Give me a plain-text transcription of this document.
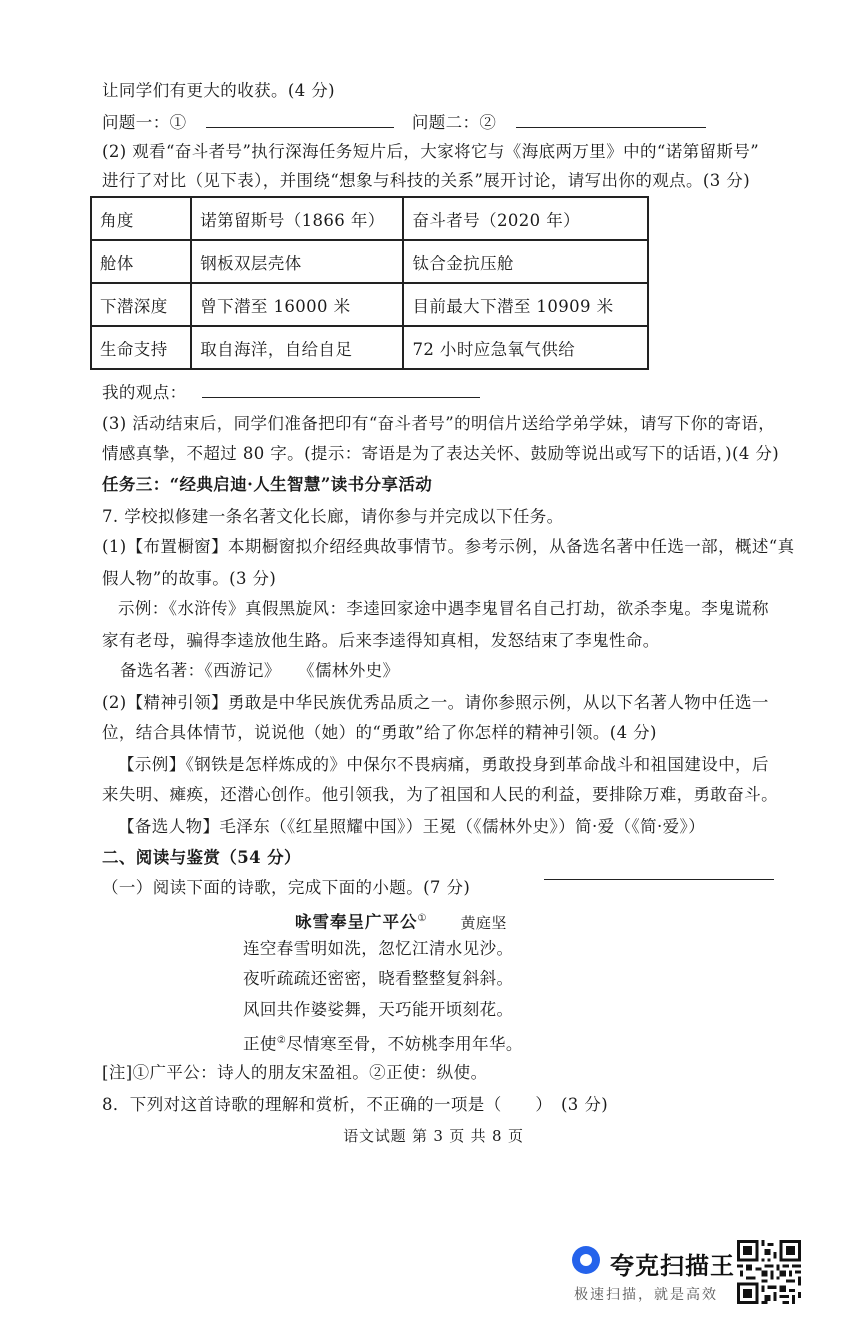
让同学们有更大的收获。(4 分)
问题一：①	问题二：②
(2) 观看“奋斗者号”执行深海任务短片后，大家将它与《海底两万里》中的“诺第留斯号”
进行了对比（见下表），并围绕“想象与科技的关系”展开讨论，请写出你的观点。(3 分)
角度	诺第留斯号（1866 年）	奋斗者号（2020 年）
舱体	钢板双层壳体	钛合金抗压舱
下潜深度	曾下潜至 16000 米	目前最大下潜至 10909 米
生命支持	取自海洋，自给自足	72 小时应急氧气供给
我的观点：
(3) 活动结束后，同学们准备把印有“奋斗者号”的明信片送给学弟学妹，请写下你的寄语，
情感真挚，不超过 80 字。(提示：寄语是为了表达关怀、鼓励等说出或写下的话语，)(4 分)
任务三：“经典启迪·人生智慧”读书分享活动
7. 学校拟修建一条名著文化长廊，请你参与并完成以下任务。
(1)【布置橱窗】本期橱窗拟介绍经典故事情节。参考示例，从备选名著中任选一部，概述“真
假人物”的故事。(3 分)
示例：《水浒传》真假黑旋风：李逵回家途中遇李鬼冒名自己打劫，欲杀李鬼。李鬼谎称
家有老母，骗得李逵放他生路。后来李逵得知真相，发怒结束了李鬼性命。
备选名著：《西游记》　　《儒林外史》
(2)【精神引领】勇敢是中华民族优秀品质之一。请你参照示例，从以下名著人物中任选一
位，结合具体情节，说说他（她）的“勇敢”给了你怎样的精神引领。(4 分)
【示例】《钢铁是怎样炼成的》中保尔不畏病痛，勇敢投身到革命战斗和祖国建设中，后
来失明、瘫痪，还潜心创作。他引领我，为了祖国和人民的利益，要排除万难，勇敢奋斗。
【备选人物】毛泽东（《红星照耀中国》）王冕（《儒林外史》）简·爱（《简·爱》）
二、阅读与鉴赏（54 分）
（一）阅读下面的诗歌，完成下面的小题。(7 分)
咏雪奉呈广平公① 黄庭坚
连空春雪明如洗，忽忆江清水见沙。
夜听疏疏还密密，晓看整整复斜斜。
风回共作婆娑舞，天巧能开顷刻花。
正使②尽情寒至骨，不妨桃李用年华。
[注]①广平公：诗人的朋友宋盈祖。②正使：纵使。
8．下列对这首诗歌的理解和赏析，不正确的一项是（　　）　(3 分)
语文试题 第 3 页 共 8 页
夸克扫描王
极速扫描，就是高效
